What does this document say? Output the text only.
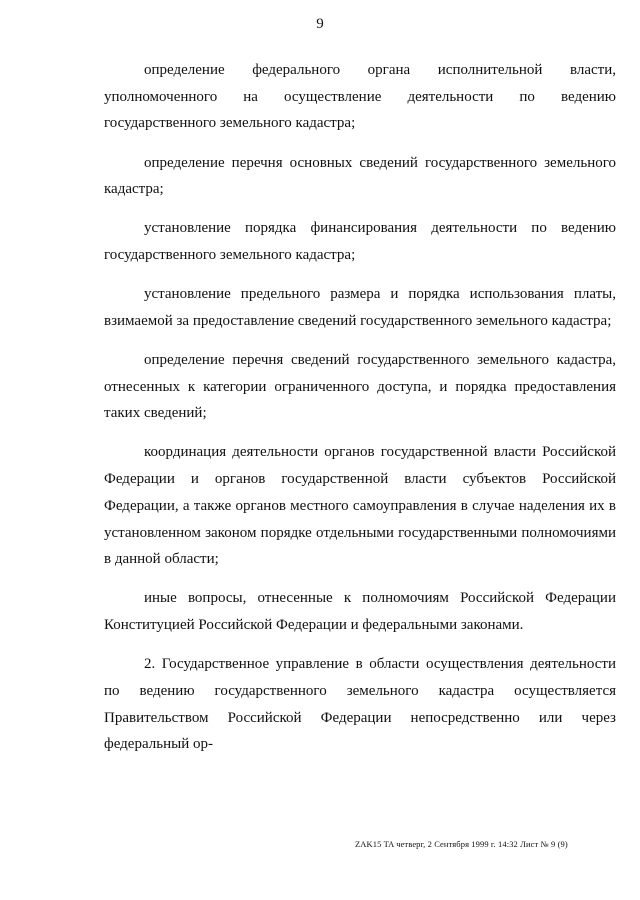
9

определение федерального органа исполнительной власти, уполномоченного на осуществление деятельности по ведению государственного земельного кадастра;

определение перечня основных сведений государственного земельного кадастра;

установление порядка финансирования деятельности по ведению государственного земельного кадастра;

установление предельного размера и порядка использования платы, взимаемой за предоставление сведений государственного земельного кадастра;

определение перечня сведений государственного земельного кадастра, отнесенных к категории ограниченного доступа, и порядка предоставления таких сведений;

координация деятельности органов государственной власти Российской Федерации и органов государственной власти субъектов Российской Федерации, а также органов местного самоуправления в случае наделения их в установленном законом порядке отдельными государственными полномочиями в данной области;

иные вопросы, отнесенные к полномочиям Российской Федерации Конституцией Российской Федерации и федеральными законами.

2. Государственное управление в области осуществления деятельности по ведению государственного земельного кадастра осуществляется Правительством Российской Федерации непосредственно или через федеральный ор-

ZAK15 TA четверг, 2 Сентября 1999 г. 14:32 Лист № 9 (9)
